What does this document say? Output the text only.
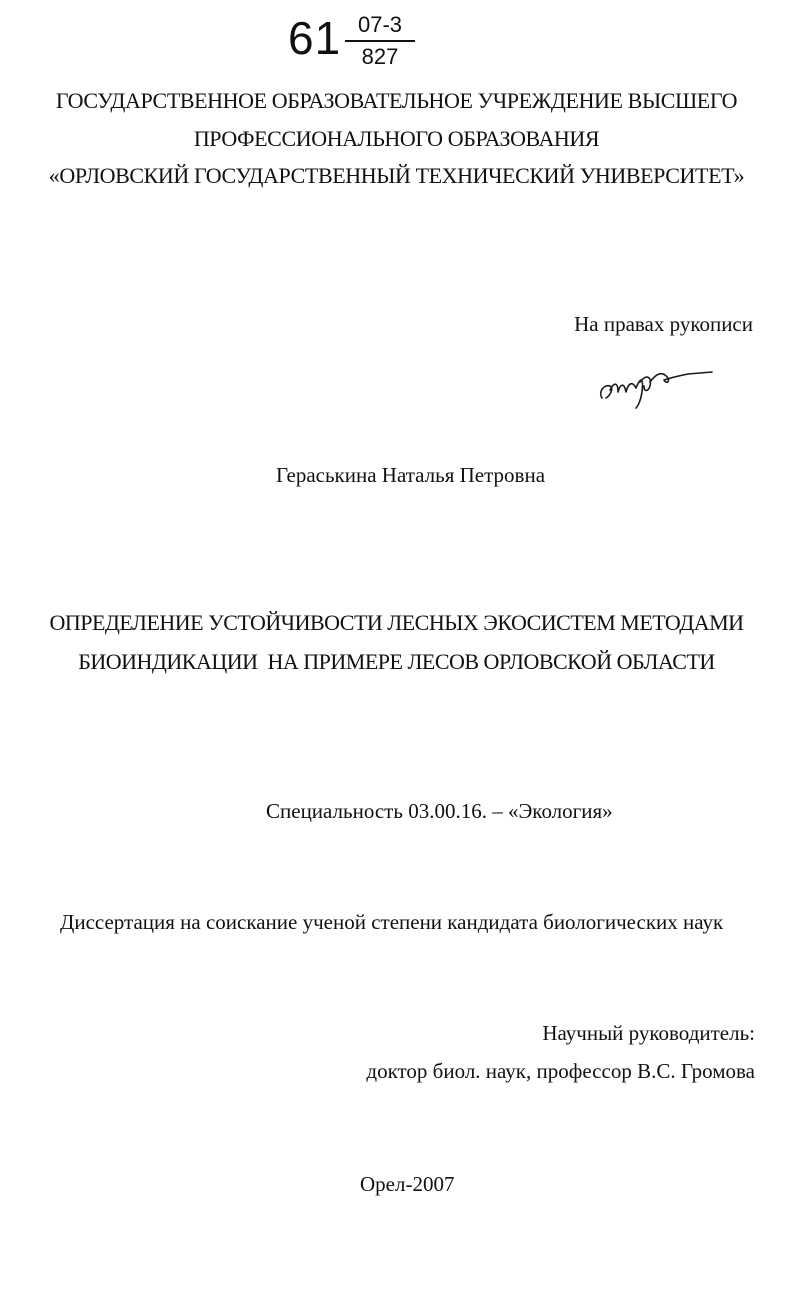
61 07-3
827
ГОСУДАРСТВЕННОЕ ОБРАЗОВАТЕЛЬНОЕ УЧРЕЖДЕНИЕ ВЫСШЕГО
ПРОФЕССИОНАЛЬНОГО ОБРАЗОВАНИЯ
«ОРЛОВСКИЙ ГОСУДАРСТВЕННЫЙ ТЕХНИЧЕСКИЙ УНИВЕРСИТЕТ»
На правах рукописи
Гераськина Наталья Петровна
ОПРЕДЕЛЕНИЕ УСТОЙЧИВОСТИ ЛЕСНЫХ ЭКОСИСТЕМ МЕТОДАМИ
БИОИНДИКАЦИИ  НА ПРИМЕРЕ ЛЕСОВ ОРЛОВСКОЙ ОБЛАСТИ
Специальность 03.00.16. – «Экология»
Диссертация на соискание ученой степени кандидата биологических наук
Научный руководитель:
доктор биол. наук, профессор В.С. Громова
Орел-2007
